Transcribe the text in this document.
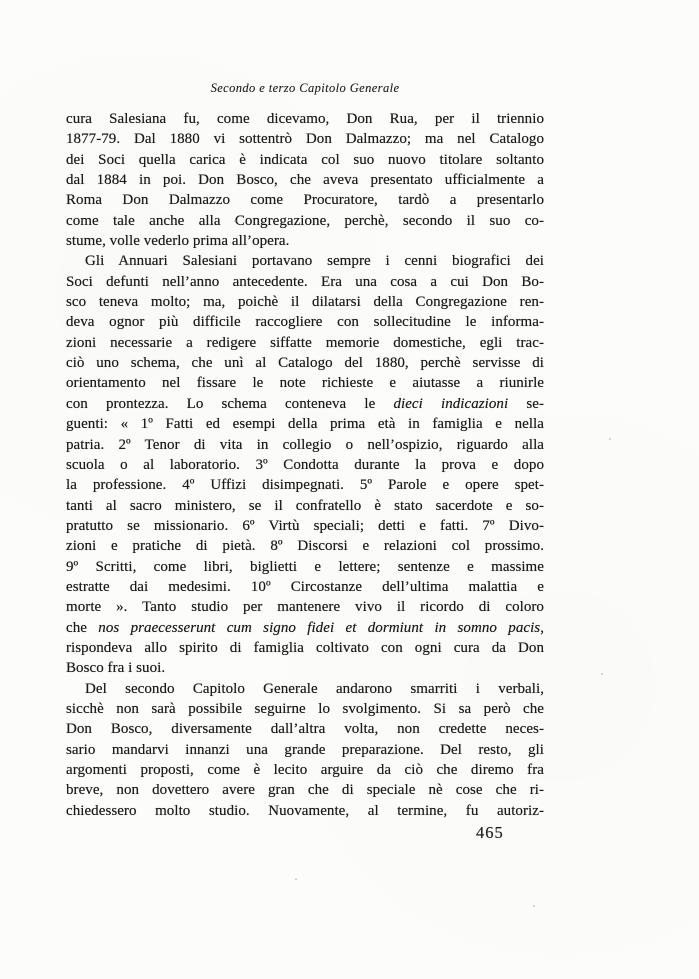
Secondo e terzo Capitolo Generale
cura Salesiana fu, come dicevamo, Don Rua, per il triennio
1877-79. Dal 1880 vi sottentrò Don Dalmazzo; ma nel Catalogo
dei Soci quella carica è indicata col suo nuovo titolare soltanto
dal 1884 in poi. Don Bosco, che aveva presentato ufficialmente a
Roma Don Dalmazzo come Procuratore, tardò a presentarlo
come tale anche alla Congregazione, perchè, secondo il suo co-
stume, volle vederlo prima all’opera.
Gli Annuari Salesiani portavano sempre i cenni biografici dei
Soci defunti nell’anno antecedente. Era una cosa a cui Don Bo-
sco teneva molto; ma, poichè il dilatarsi della Congregazione ren-
deva ognor più difficile raccogliere con sollecitudine le informa-
zioni necessarie a redigere siffatte memorie domestiche, egli trac-
ciò uno schema, che unì al Catalogo del 1880, perchè servisse di
orientamento nel fissare le note richieste e aiutasse a riunirle
con prontezza. Lo schema conteneva le dieci indicazioni se-
guenti: « 1º Fatti ed esempi della prima età in famiglia e nella
patria. 2º Tenor di vita in collegio o nell’ospizio, riguardo alla
scuola o al laboratorio. 3º Condotta durante la prova e dopo
la professione. 4º Uffizi disimpegnati. 5º Parole e opere spet-
tanti al sacro ministero, se il confratello è stato sacerdote e so-
pratutto se missionario. 6º Virtù speciali; detti e fatti. 7º Divo-
zioni e pratiche di pietà. 8º Discorsi e relazioni col prossimo.
9º Scritti, come libri, biglietti e lettere; sentenze e massime
estratte dai medesimi. 10º Circostanze dell’ultima malattia e
morte ». Tanto studio per mantenere vivo il ricordo di coloro
che nos praecesserunt cum signo fidei et dormiunt in somno pacis,
rispondeva allo spirito di famiglia coltivato con ogni cura da Don
Bosco fra i suoi.
Del secondo Capitolo Generale andarono smarriti i verbali,
sicchè non sarà possibile seguirne lo svolgimento. Si sa però che
Don Bosco, diversamente dall’altra volta, non credette neces-
sario mandarvi innanzi una grande preparazione. Del resto, gli
argomenti proposti, come è lecito arguire da ciò che diremo fra
breve, non dovettero avere gran che di speciale nè cose che ri-
chiedessero molto studio. Nuovamente, al termine, fu autoriz-
465
